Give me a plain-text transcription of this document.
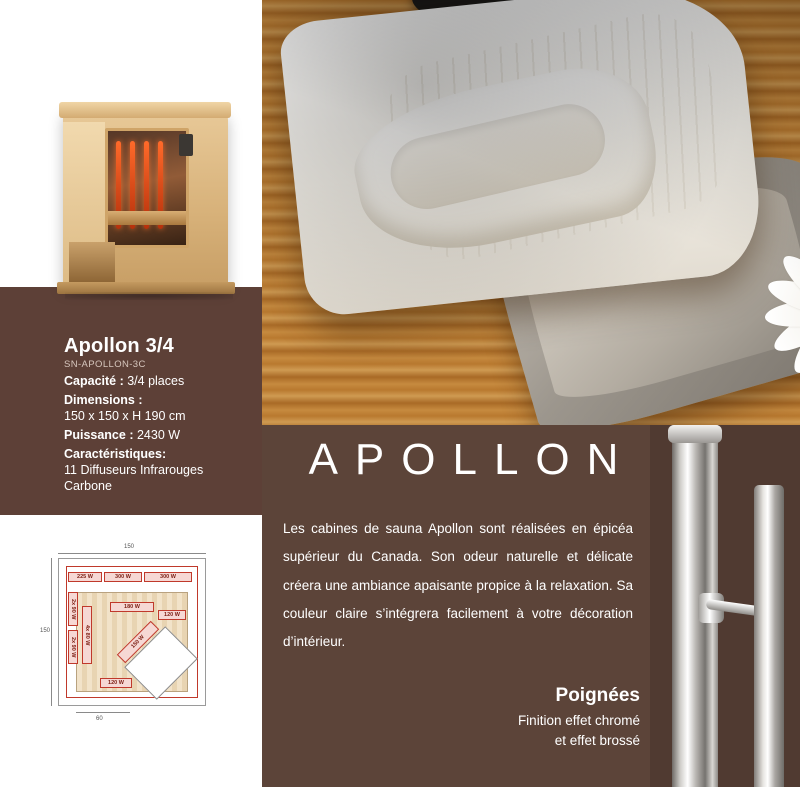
Apollon 3/4
SN-APOLLON-3C
Capacité : 3/4 places
Dimensions :
150 x 150 x H 190 cm
Puissance : 2430 W
Caractéristiques:
11 Diffuseurs Infrarouges
Carbone
150
150
60
225 W	300 W	300 W
180 W
2x 90 W
2x 90 W
4x 80 W
120 W
120 W
150 W
APOLLON
Les cabines de sauna Apollon sont réalisées en épicéa supérieur du Canada. Son odeur naturelle et délicate créera une ambiance apaisante propice à la relaxation. Sa couleur claire s’intégrera facilement à votre décoration d’intérieur.
Poignées
Finition effet chromé
et effet brossé
